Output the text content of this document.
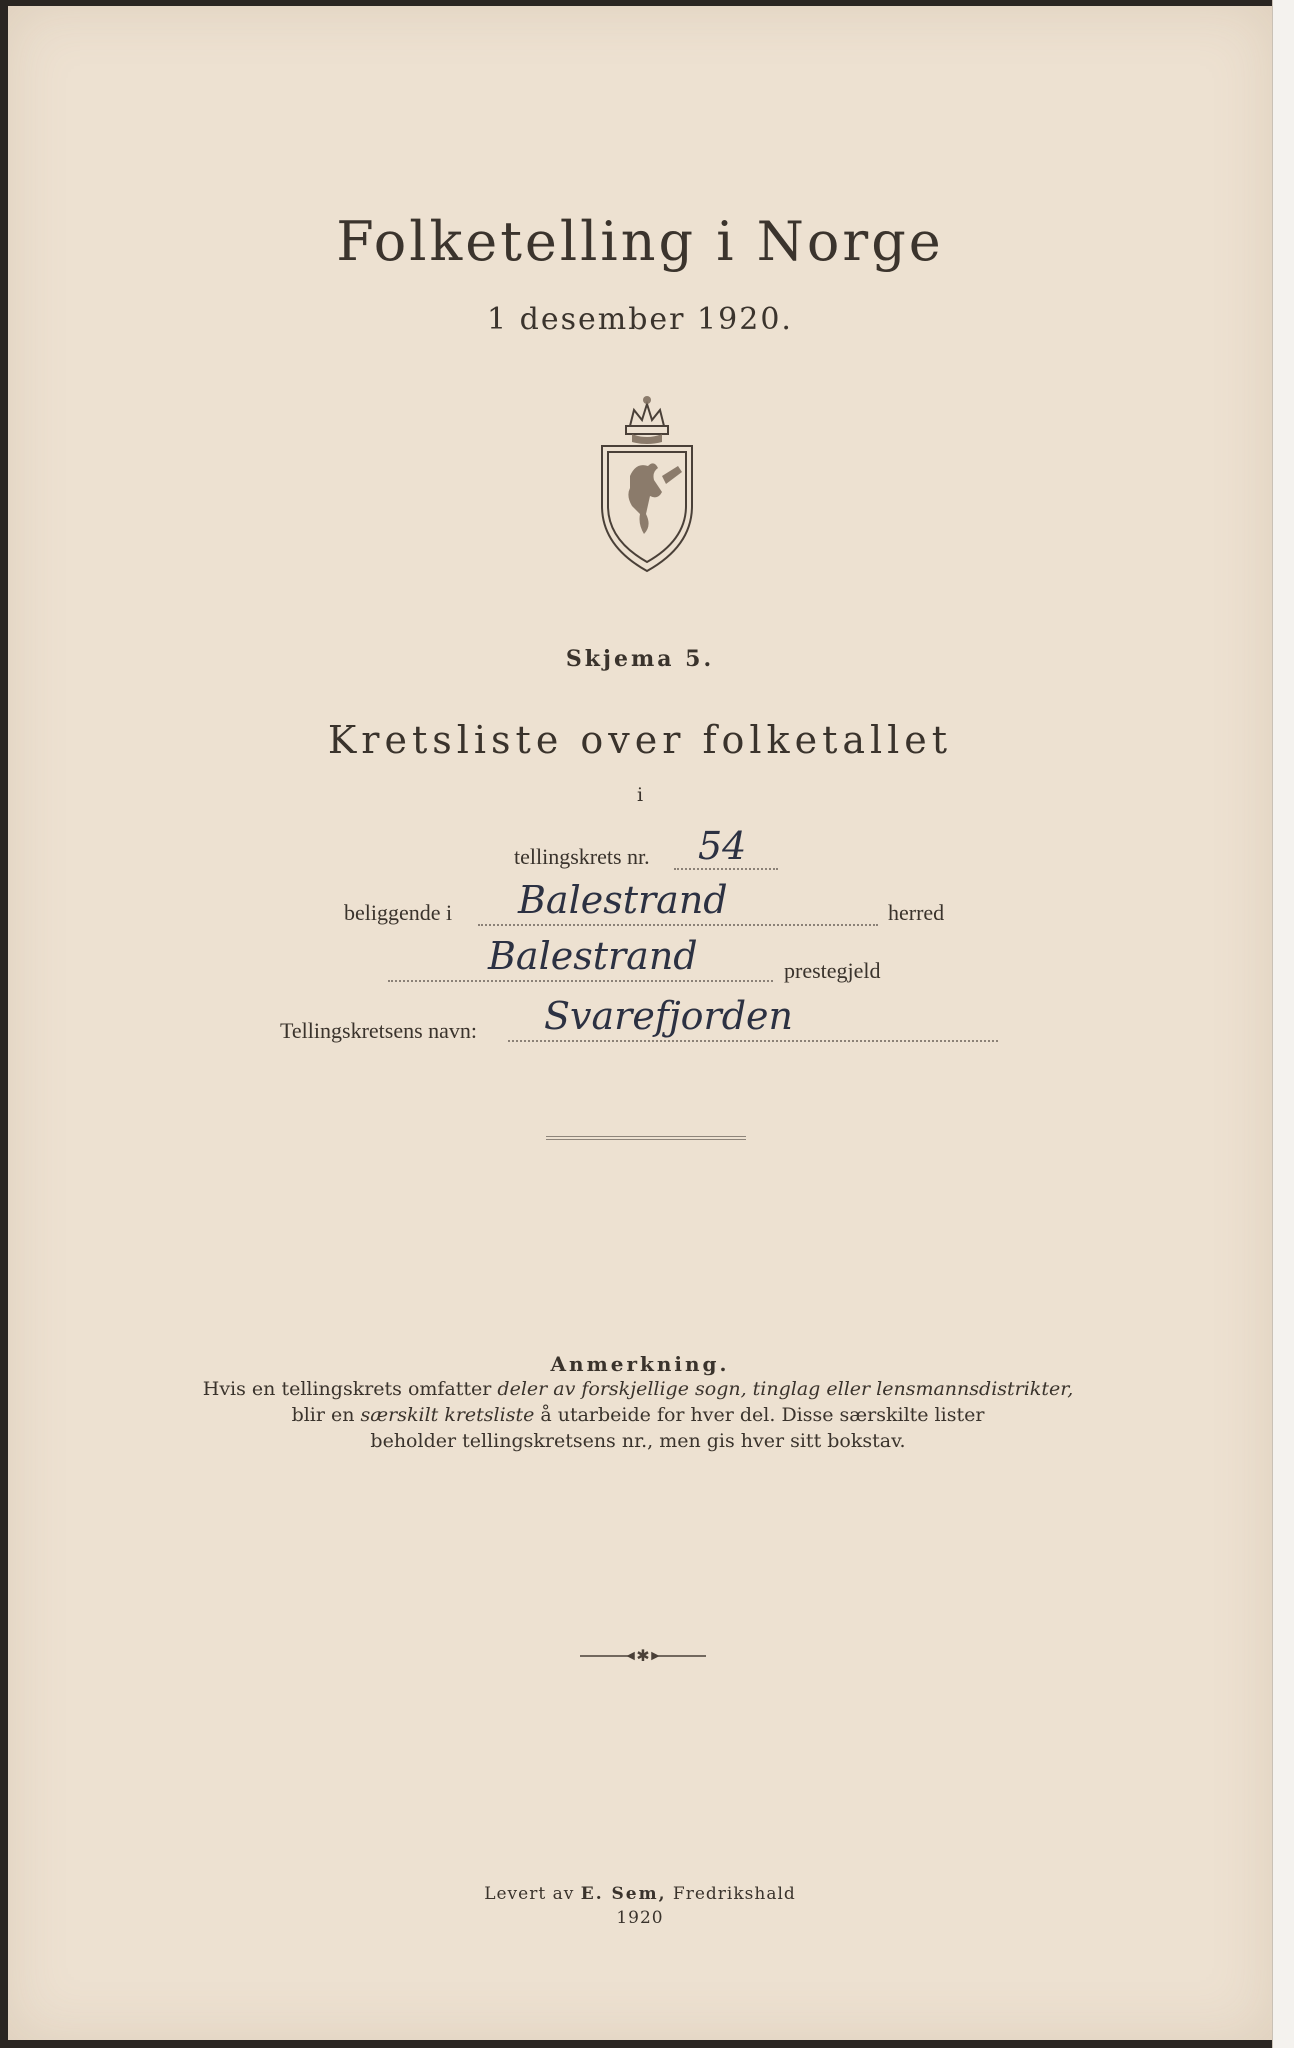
Folketelling i Norge
1 desember 1920.
Skjema 5.
Kretsliste over folketallet
i
tellingskrets nr. 54
beliggende i Balestrand	herred
Balestrand	prestegjeld
Tellingskretsens navn: Svarefjorden
Anmerkning.
Hvis en tellingskrets omfatter deler av forskjellige sogn, tinglag eller lensmannsdistrikter,
blir en særskilt kretsliste å utarbeide for hver del. Disse særskilte lister
beholder tellingskretsens nr., men gis hver sitt bokstav.
✱
Levert av E. Sem, Fredrikshald
1920
